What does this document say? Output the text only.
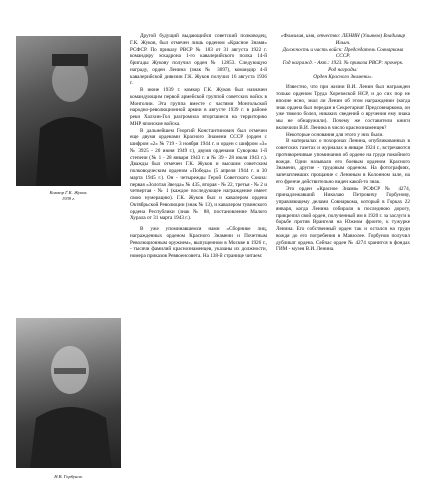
Комкор Г.К. Жуков.
1939 г.
Н.В. Горбунов.

Другой будущий выдающийся советский полководец, Г.К. Жуков, был отмечен лишь орденом «Красное Знамя» РСФСР. По приказу РВСР № 183 от 31 августа 1922 г. командиру эскадрона 1-го кавалерийского полка 14-й бригады Жукову получил орден № 12853. Следующую награду, орден Ленина (знак № 3097), командир 4-й кавалерийской дивизии Г.К. Жуков получил 16 августа 1936 г.

В июне 1939 г. комкор Г.К. Жуков был назначен командующим первой армейской группой советских войск в Монголии. Эта группа вместе с частями Монгольской народно-революционной армии в августе 1939 г. в районе реки Халхин-Гол разгромила вторгшиеся на территорию МНР японские войска.

В дальнейшем Георгий Константинович был отмечен еще двумя орденами Красного Знамени СССР (орден с шифром «2» № 719 - 3 ноября 1944 г. и орден с шифром «3» № 3925 - 20 июня 1949 г.), двумя орденами Суворова 1-й степени (№ 1 - 28 января 1943 г. и № 39 - 28 июля 1943 г.). Дважды был отмечен Г.К. Жуков и высшим советским полководческим орденом «Победа» (5 апреля 1944 г. и 30 марта 1945 г.). Он - четырежды Герой Советского Союза: первая «Золотая Звезда» № 435, вторая - № 22, третья - № 2 и четвертая - № 1 (каждое последующее награждение имеет свою нумерацию). Г.К. Жуков был и кавалером ордена Октябрьской Революции (знак № 13), и кавалером тувинского ордена Республики (знак № 88, постановление Малого Хурала от 31 марта 1943 г.).

В уже упоминавшемся нами «Сборнике лиц, награжденных орденом Красного Знамени и Почетным Революционным оружием», выпущенном в Москве в 1926 г., - тысячи фамилий краснознаменцев, указаны их должности, номера приказов Реввоенсовета. На 138-й странице читаем:

«Фамилия, имя, отчество: ЛЕНИН (Ульянов) Владимир Ильич.

Должность и часть войск: Председатель Совнаркома СССР.

Год награжд. - Акт.: 1923. № приказа РВСР: прочерк.

Род награды:

Орден Красного Знамени».

Известно, что при жизни В.И. Ленин был награжден только орденом Труда Хорезмской НСР, и до сих пор не вполне ясно, знал ли Ленин об этом награждении (когда знак ордена был передан в Секретариат Предсовнаркома, он уже тяжело болел, никаких сведений о вручении ему знака мы не обнаружили). Почему же составители книги включили В.И. Ленина в число краснознаменцев?

Некоторые основания для этого у них были.

В материалах о похоронах Ленина, опубликованных в советских газетах и журналах в январе 1924 г., встречаются противоречивые упоминания об ордене на груди покойного вождя. Одни называли его боевым орденом Красного Знамени, другие - трудовым орденом. На фотографиях, запечатлевших прощание с Лениным в Колонном зале, на его френче действительно виден какой-то знак.

Это орден «Красное Знамя» РСФСР № 4274, принадлежавший Николаю Петровичу Горбунову, управляющему делами Совнаркома, который в Горках 22 января, когда Ленина собирали в последнюю дорогу, прикрепил свой орден, полученный им в 1920 г. за заслуги в борьбе против Врангеля на Южном фронте, к тужурке Ленина. Его собственный орден так и остался на груди вождя до его погребения в Мавзолее. Горбунов получил дубликат ордена. Сейчас орден № 4274 хранится в фондах ГИМ - музея В.И. Ленина.
